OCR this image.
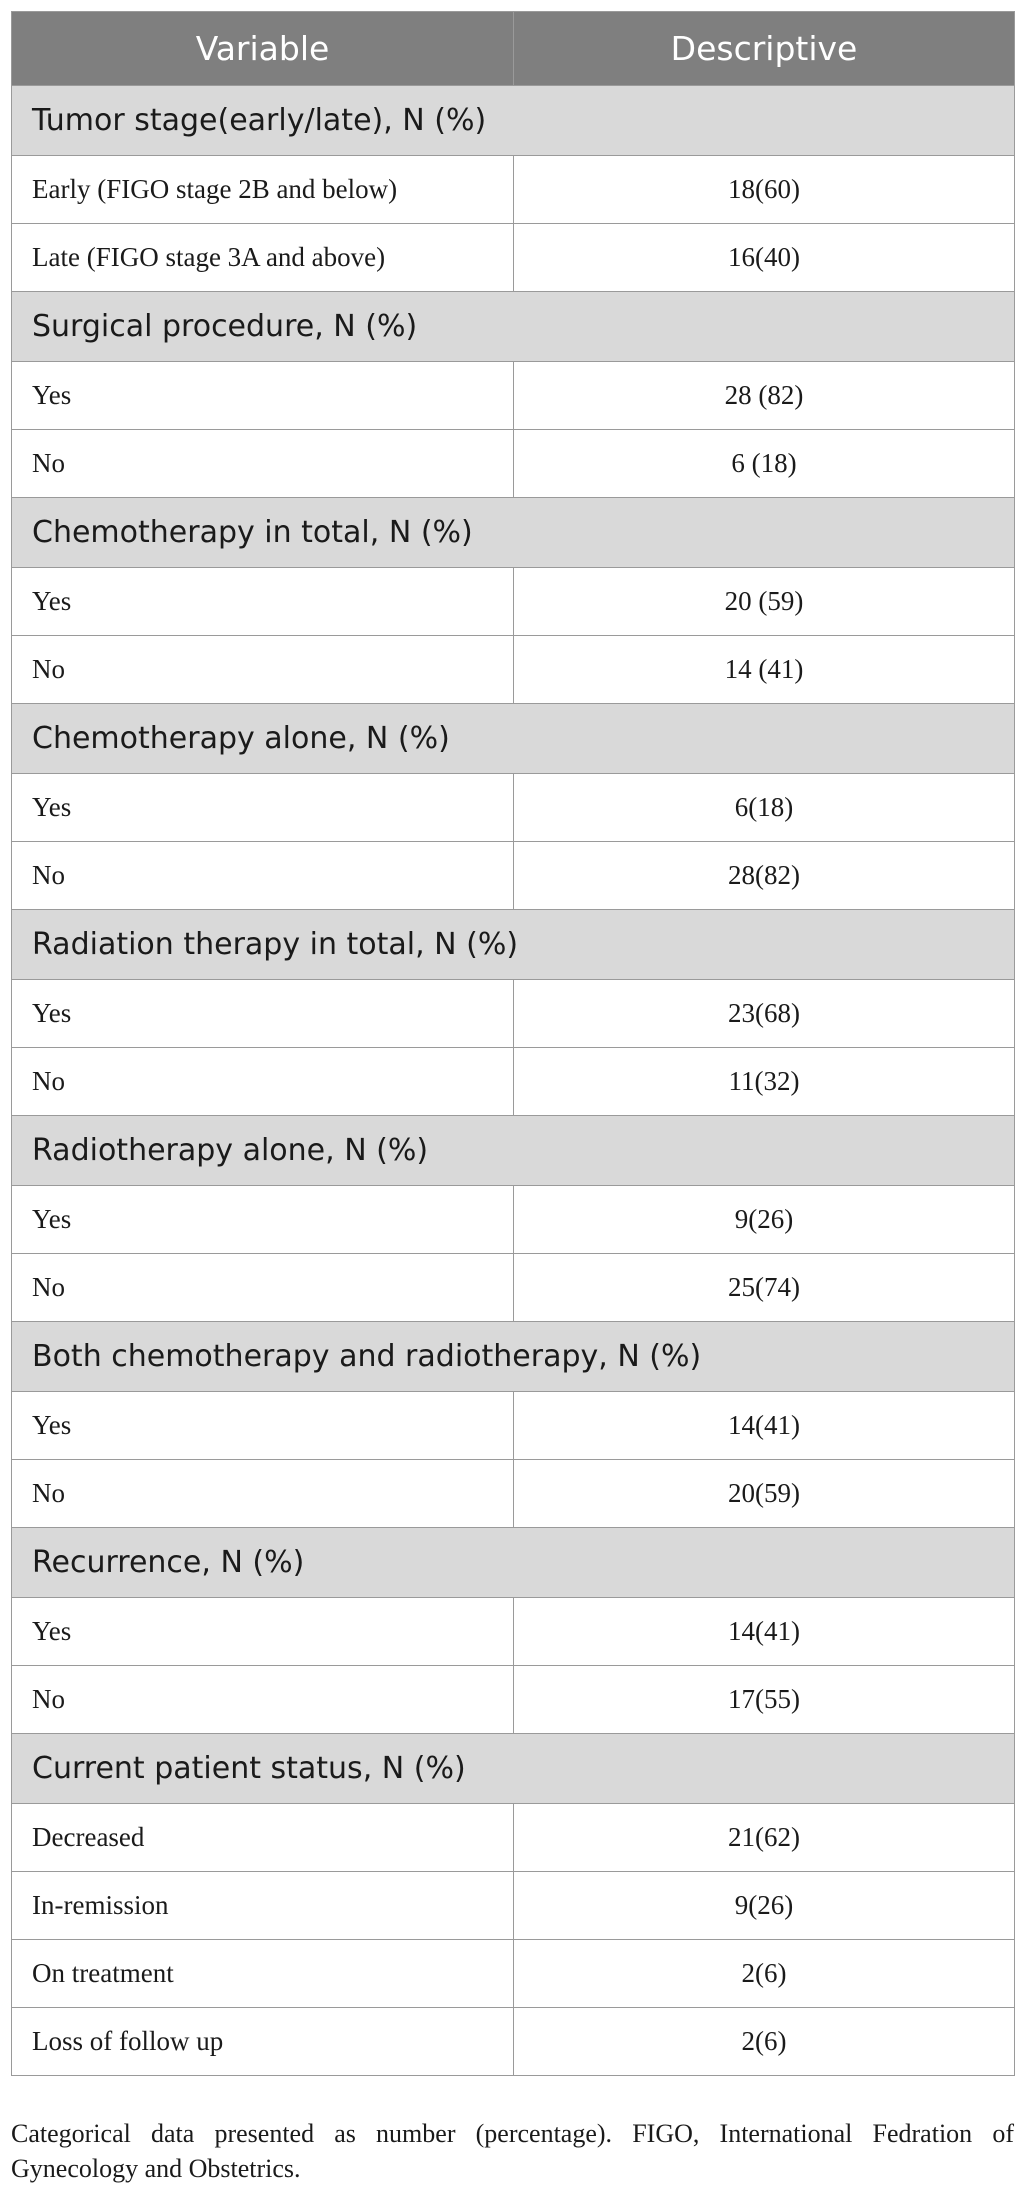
Variable	Descriptive
Tumor stage(early/late), N (%)	
Early (FIGO stage 2B and below)	18(60)
Late (FIGO stage 3A and above)	16(40)
Surgical procedure, N (%)	
Yes	28 (82)
No	6 (18)
Chemotherapy in total, N (%)	
Yes	20 (59)
No	14 (41)
Chemotherapy alone, N (%)	
Yes	6(18)
No	28(82)
Radiation therapy in total, N (%)	
Yes	23(68)
No	11(32)
Radiotherapy alone, N (%)	
Yes	9(26)
No	25(74)
Both chemotherapy and radiotherapy, N (%)	
Yes	14(41)
No	20(59)
Recurrence, N (%)	
Yes	14(41)
No	17(55)
Current patient status, N (%)	
Decreased	21(62)
In-remission	9(26)
On treatment	2(6)
Loss of follow up	2(6)
Categorical data presented as number (percentage). FIGO, International Fedration of Gynecology and Obstetrics.
